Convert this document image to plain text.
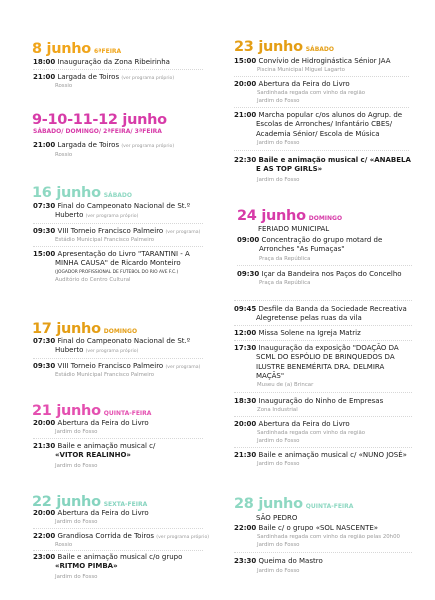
8 junho 6ªFEIRA
18:00 Inauguração da Zona Ribeirinha
21:00 Largada de Toiros (ver programa próprio)
Rossio
9-10-11-12 junho
SÁBADO/ DOMINGO/ 2ªFEIRA/ 3ªFEIRA
21:00 Largada de Toiros (ver programa próprio)
Rossio
16 junho SÁBADO
07:30 Final do Campeonato Nacional de St.º
Huberto (ver programa próprio)
09:30 VIII Torneio Francisco Palmeiro (ver programa)
Estádio Municipal Francisco Palmeiro
15:00 Apresentação do Livro "TARANTINI - A
MINHA CAUSA" de Ricardo Monteiro
(JOGADOR PROFISSIONAL DE FUTEBOL DO RIO AVE F.C.)
Auditório do Centro Cultural
17 junho DOMINGO
07:30 Final do Campeonato Nacional de St.º
Huberto (ver programa próprio)
09:30 VIII Torneio Francisco Palmeiro (ver programa)
Estádio Municipal Francisco Palmeiro
21 junho QUINTA-FEIRA
20:00 Abertura da Feira do Livro
Jardim do Fosso
21:30 Baile e animação musical c/
«VITOR REALINHO»
Jardim do Fosso
22 junho SEXTA-FEIRA
20:00 Abertura da Feira do Livro
Jardim do Fosso
22:00 Grandiosa Corrida de Toiros (ver programa próprio)
Rossio
23:00 Baile e animação musical c/o grupo
«RITMO PIMBA»
Jardim do Fosso
23 junho SÁBADO
15:00 Convívio de Hidroginástica Sénior JAA
Piscina Municipal Miguel Lagarto
20:00 Abertura da Feira do Livro
Sardinhada regada com vinho da região
Jardim do Fosso
21:00 Marcha popular c/os alunos do Agrup. de
Escolas de Arronches/ Infantário CBES/
Academia Sénior/ Escola de Música
Jardim do Fosso
22:30 Baile e animação musical c/ «ANABELA
E AS TOP GIRLS»
Jardim do Fosso
24 junho DOMINGO
FERIADO MUNICIPAL
09:00 Concentração do grupo motard de
Arronches "As Fumaças"
Praça da República
09:30 Içar da Bandeira nos Paços do Concelho
Praça da República
09:45 Desfile da Banda da Sociedade Recreativa
Alegretense pelas ruas da vila
12:00 Missa Solene na Igreja Matriz
17:30 Inauguração da exposição "DOAÇÃO DA
SCML DO ESPÓLIO DE BRINQUEDOS DA
ILUSTRE BENEMÉRITA DRA. DELMIRA
MAÇÃS"
Museu de (a) Brincar
18:30 Inauguração do Ninho de Empresas
Zona Industrial
20:00 Abertura da Feira do Livro
Sardinhada regada com vinho da região
Jardim do Fosso
21:30 Baile e animação musical c/ «NUNO JOSÉ»
Jardim do Fosso
28 junho QUINTA-FEIRA
SÃO PEDRO
22:00 Baile c/ o grupo «SOL NASCENTE»
Sardinhada regada com vinho da região pelas 20h00
Jardim do Fosso
23:30 Queima do Mastro
Jardim do Fosso
